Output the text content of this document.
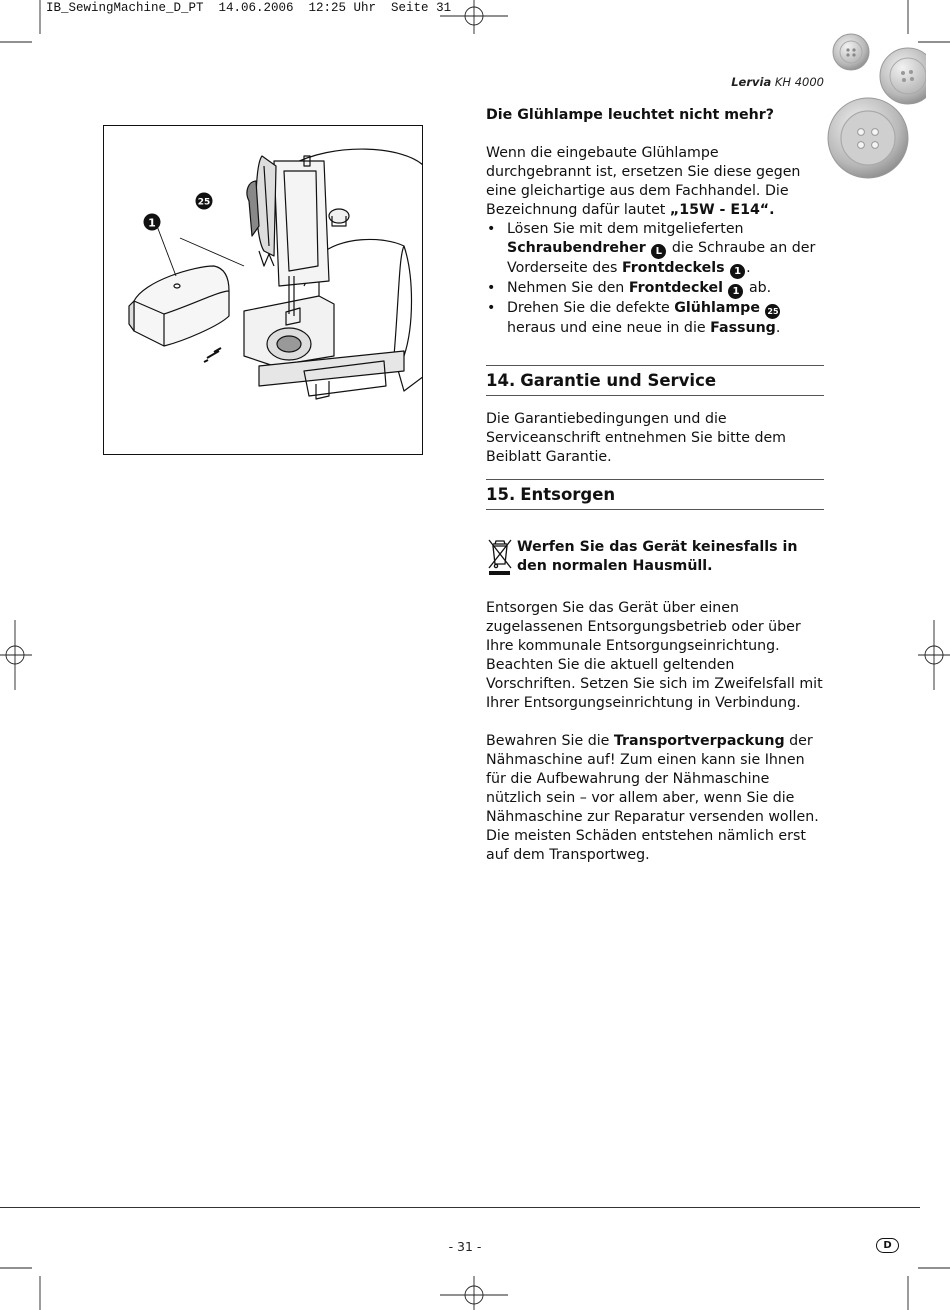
IB_SewingMachine_D_PT  14.06.2006  12:25 Uhr  Seite 31
Lervia KH 4000
1
25

Die Glühlampe leuchtet nicht mehr?

Wenn die eingebaute Glühlampe durchgebrannt ist, ersetzen Sie diese gegen eine gleichartige aus dem Fachhandel. Die Bezeichnung dafür lautet „15W - E14“.

• Lösen Sie mit dem mitgelieferten Schraubendreher L die Schraube an der Vorderseite des Frontdeckels 1 .
• Nehmen Sie den Frontdeckel 1 ab.
• Drehen Sie die defekte Glühlampe 25 heraus und eine neue in die Fassung.
14. Garantie und Service

Die Garantiebedingungen und die Serviceanschrift entnehmen Sie bitte dem Beiblatt Garantie.

15. Entsorgen

Werfen Sie das Gerät keinesfalls in den normalen Hausmüll.

Entsorgen Sie das Gerät über einen zugelassenen Entsorgungsbetrieb oder über Ihre kommunale Entsorgungseinrichtung.

Beachten Sie die aktuell geltenden Vorschriften. Setzen Sie sich im Zweifelsfall mit Ihrer Entsorgungseinrichtung in Verbindung.

Bewahren Sie die Transportverpackung der Nähmaschine auf! Zum einen kann sie Ihnen für die Aufbewahrung der Nähmaschine nützlich sein – vor allem aber, wenn Sie die Nähmaschine zur Reparatur versenden wollen. Die meisten Schäden entstehen nämlich erst auf dem Transportweg.

- 31 -	D
